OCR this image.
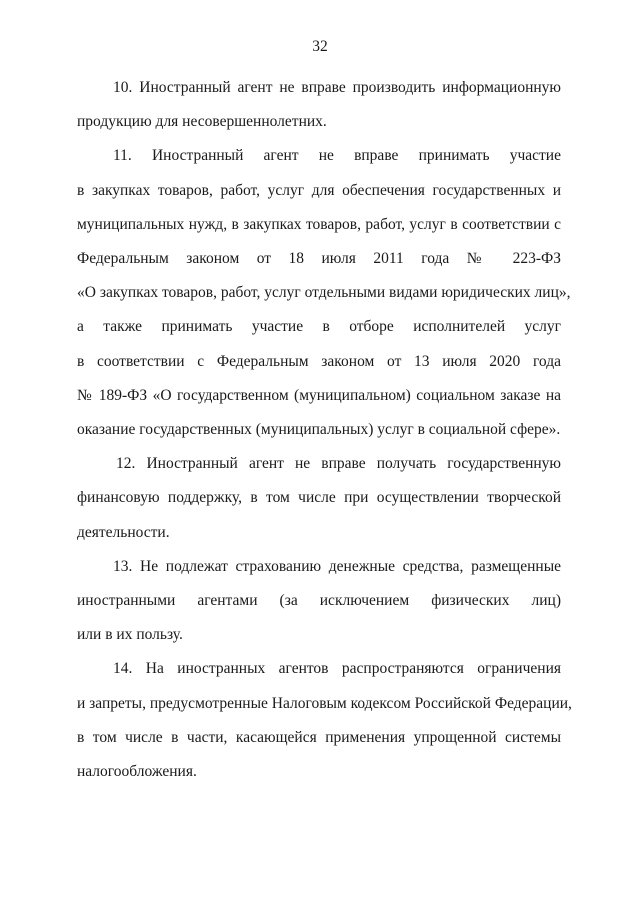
32
10. Иностранный агент не вправе производить информационную
продукцию для несовершеннолетних.
11. Иностранный агент не вправе принимать участие
в закупках товаров, работ, услуг для обеспечения государственных и
муниципальных нужд, в закупках товаров, работ, услуг в соответствии с
Федеральным законом от 18 июля 2011 года № 223-ФЗ
«О закупках товаров, работ, услуг отдельными видами юридических лиц»,
а также принимать участие в отборе исполнителей услуг
в соответствии с Федеральным законом от 13 июля 2020 года
№ 189-ФЗ «О государственном (муниципальном) социальном заказе на
оказание государственных (муниципальных) услуг в социальной сфере».
12. Иностранный агент не вправе получать государственную
финансовую поддержку, в том числе при осуществлении творческой
деятельности.
13. Не подлежат страхованию денежные средства, размещенные
иностранными агентами (за исключением физических лиц)
или в их пользу.
14. На иностранных агентов распространяются ограничения
и запреты, предусмотренные Налоговым кодексом Российской Федерации,
в том числе в части, касающейся применения упрощенной системы
налогообложения.
